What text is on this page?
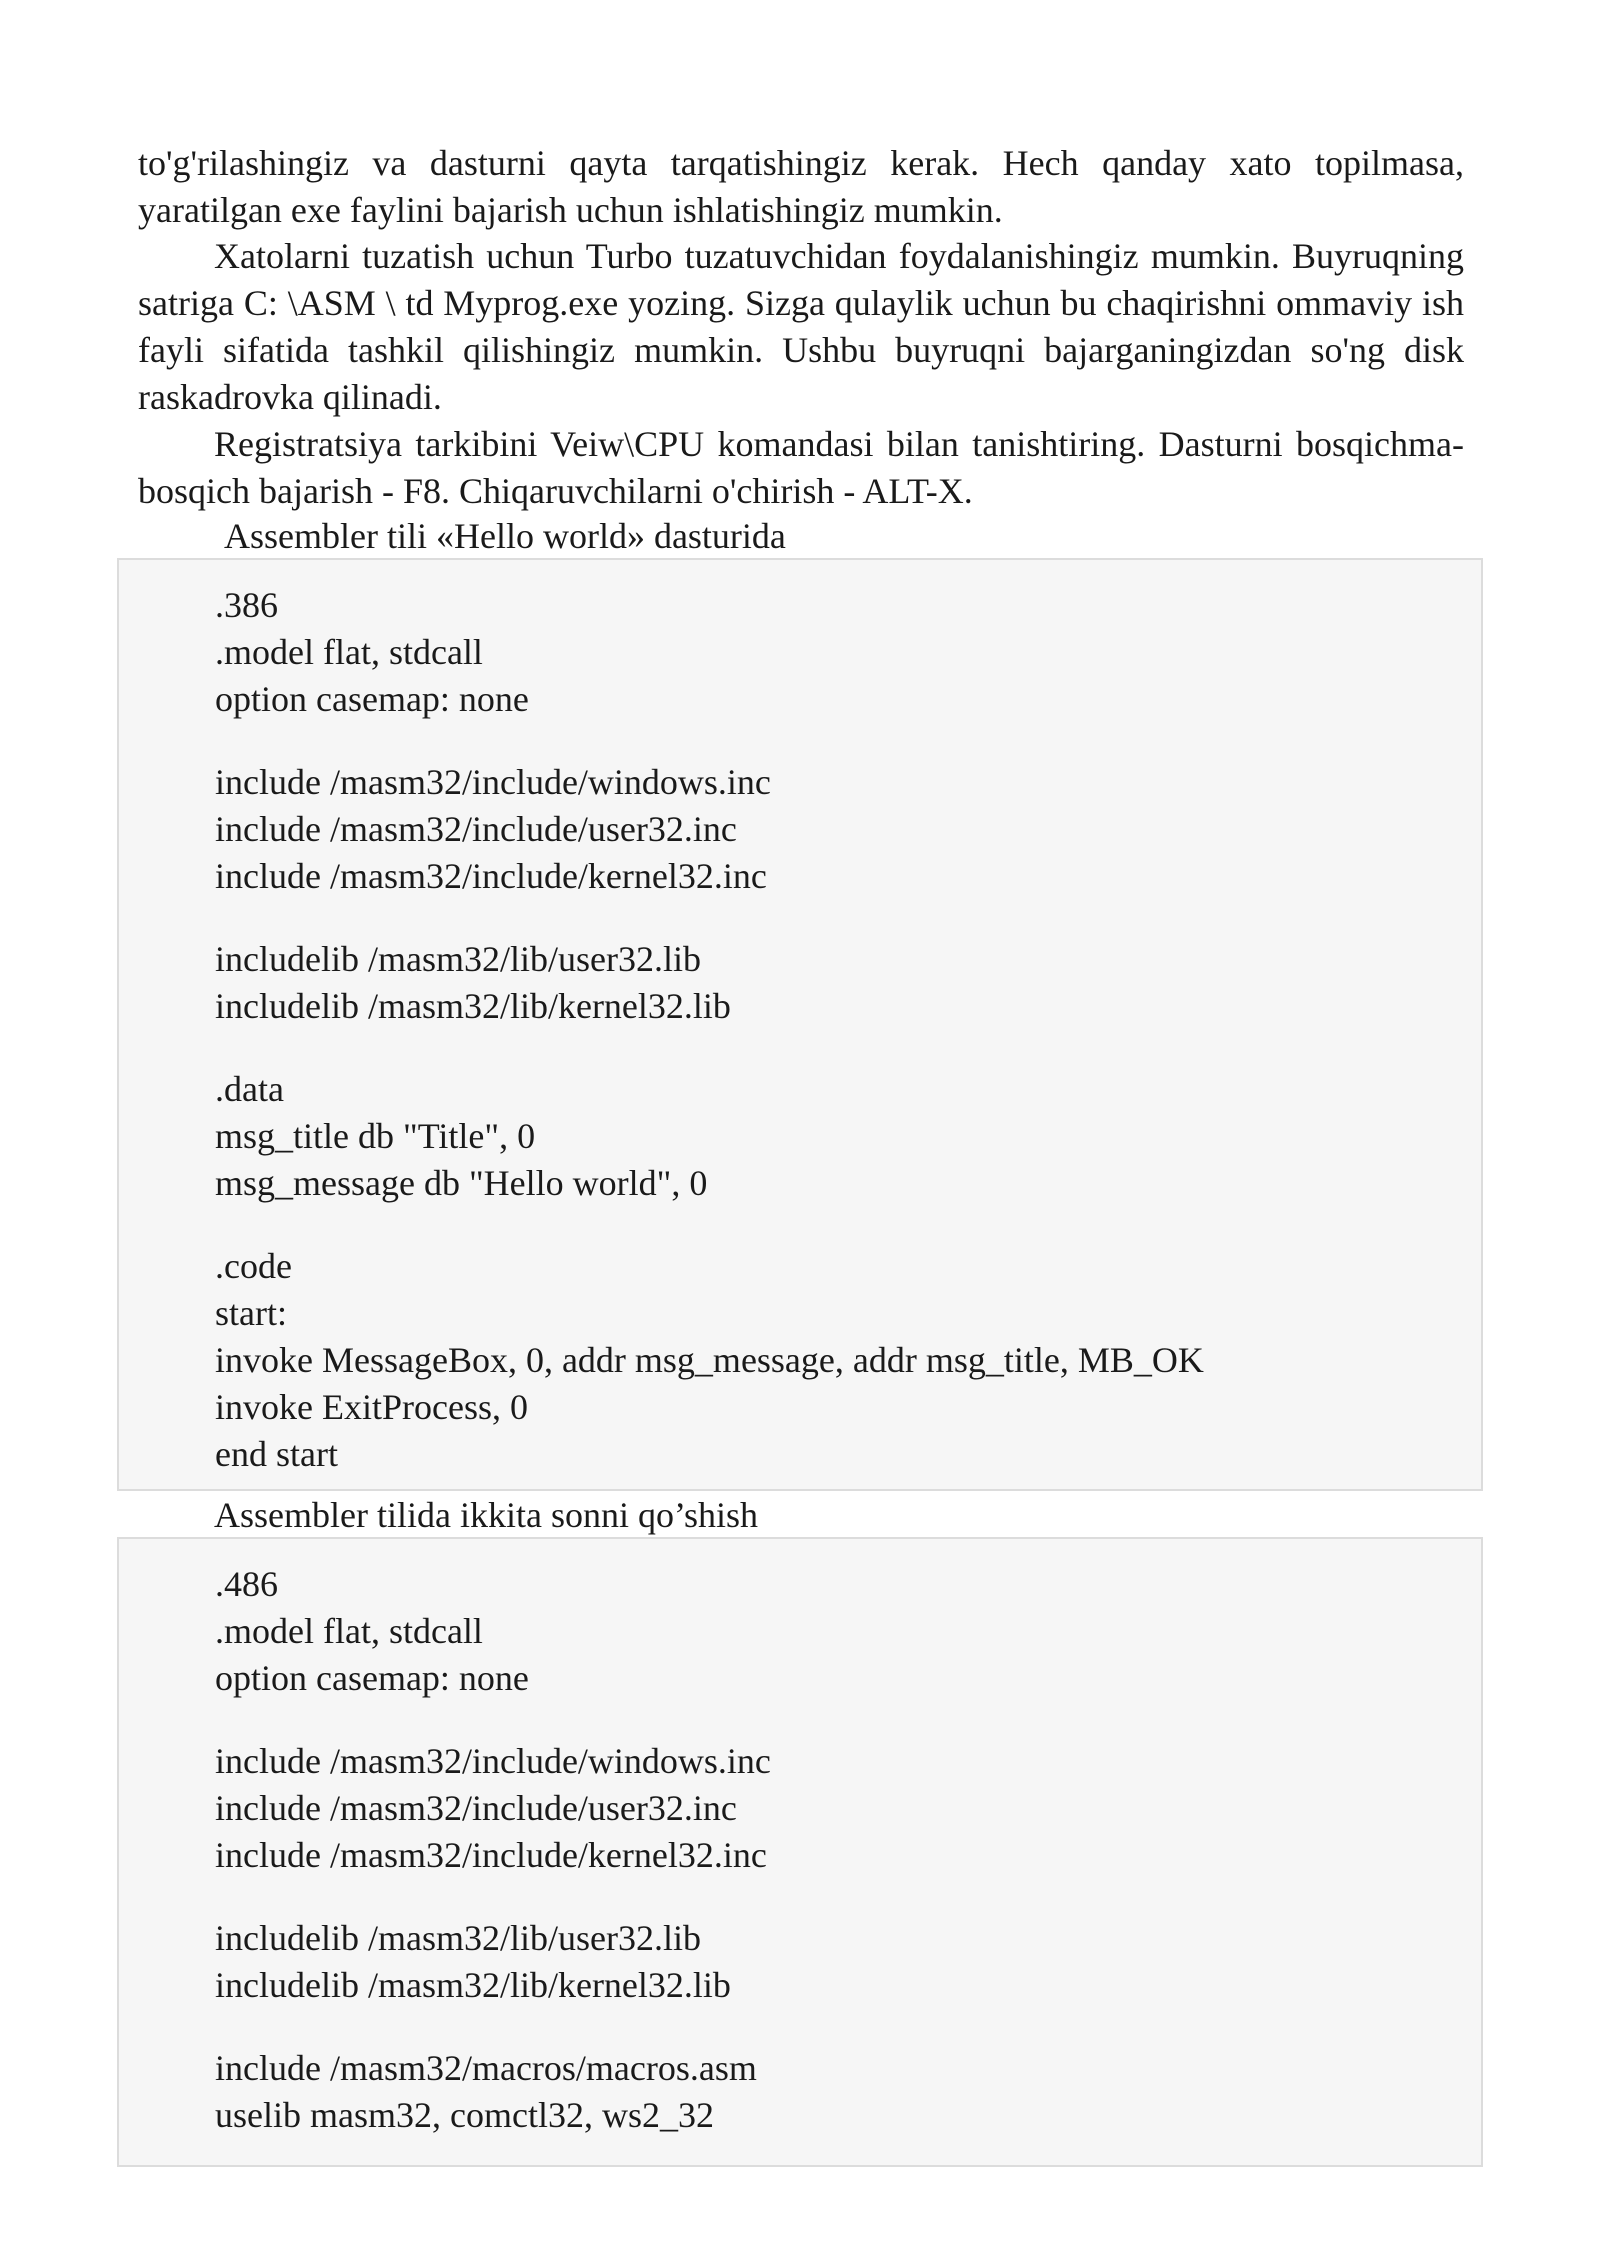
to'g'rilashingiz va dasturni qayta tarqatishingiz kerak. Hech qanday xato topilmasa, yaratilgan exe faylini bajarish uchun ishlatishingiz mumkin.

Xatolarni tuzatish uchun Turbo tuzatuvchidan foydalanishingiz mumkin. Buyruqning satriga C: \ASM \ td Myprog.exe yozing. Sizga qulaylik uchun bu chaqirishni ommaviy ish fayli sifatida tashkil qilishingiz mumkin. Ushbu buyruqni bajarganingizdan so'ng disk raskadrovka qilinadi.

Registratsiya tarkibini Veiw\CPU komandasi bilan tanishtiring. Dasturni bosqichma-bosqich bajarish - F8. Chiqaruvchilarni o'chirish - ALT-X.

Assembler tili «Hello world» dasturida

.386
.model flat, stdcall
option casemap: none
include /masm32/include/windows.inc
include /masm32/include/user32.inc
include /masm32/include/kernel32.inc
includelib /masm32/lib/user32.lib
includelib /masm32/lib/kernel32.lib
.data
msg_title db "Title", 0
msg_message db "Hello world", 0
.code
start:
invoke MessageBox, 0, addr msg_message, addr msg_title, MB_OK
invoke ExitProcess, 0
end start

Assembler tilida ikkita sonni qo’shish

.486
.model flat, stdcall
option casemap: none
include /masm32/include/windows.inc
include /masm32/include/user32.inc
include /masm32/include/kernel32.inc
includelib /masm32/lib/user32.lib
includelib /masm32/lib/kernel32.lib
include /masm32/macros/macros.asm
uselib masm32, comctl32, ws2_32
